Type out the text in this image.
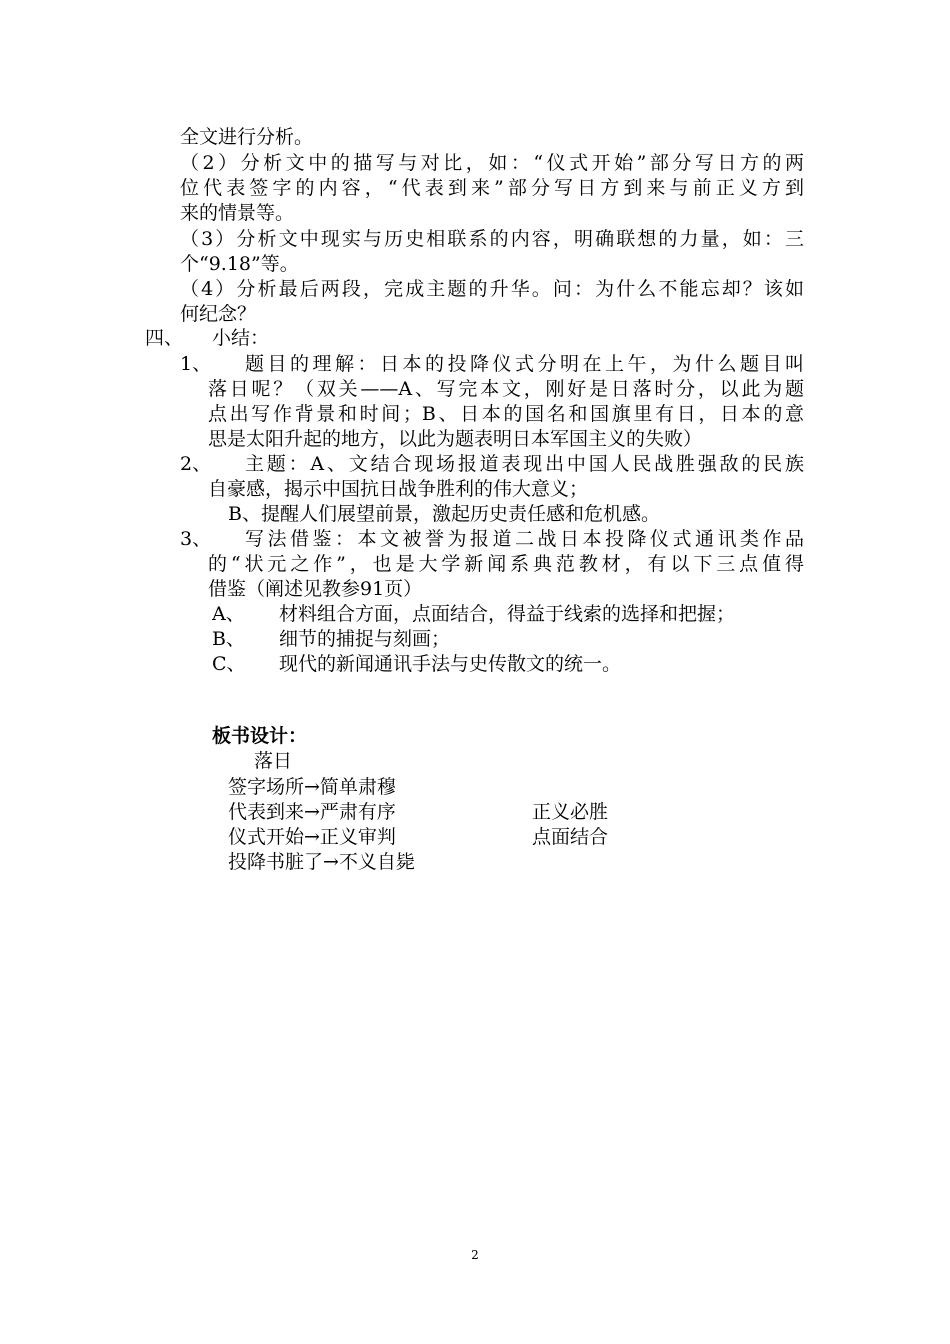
全文进行分析。
（2）分析文中的描写与对比，如：“仪式开始”部分写日方的两
位代表签字的内容，“代表到来”部分写日方到来与前正义方到
来的情景等。
（3）分析文中现实与历史相联系的内容，明确联想的力量，如：三
个“9.18”等。
（4）分析最后两段，完成主题的升华。问：为什么不能忘却？该如
何纪念？
四、 小结：
1、 题目的理解：日本的投降仪式分明在上午，为什么题目叫
落日呢？（双关——A、写完本文，刚好是日落时分，以此为题
点出写作背景和时间；B、日本的国名和国旗里有日，日本的意
思是太阳升起的地方，以此为题表明日本军国主义的失败）
2、 主题：A、文结合现场报道表现出中国人民战胜强敌的民族
自豪感，揭示中国抗日战争胜利的伟大意义；
B、提醒人们展望前景，激起历史责任感和危机感。
3、 写法借鉴：本文被誉为报道二战日本投降仪式通讯类作品
的“状元之作”，也是大学新闻系典范教材，有以下三点值得
借鉴（阐述见教参91页）
A、 材料组合方面，点面结合，得益于线索的选择和把握；
B、 细节的捕捉与刻画；
C、 现代的新闻通讯手法与史传散文的统一。
板书设计：
落日
签字场所→简单肃穆
代表到来→严肃有序
仪式开始→正义审判
投降书脏了→不义自毙
正义必胜
点面结合
2
